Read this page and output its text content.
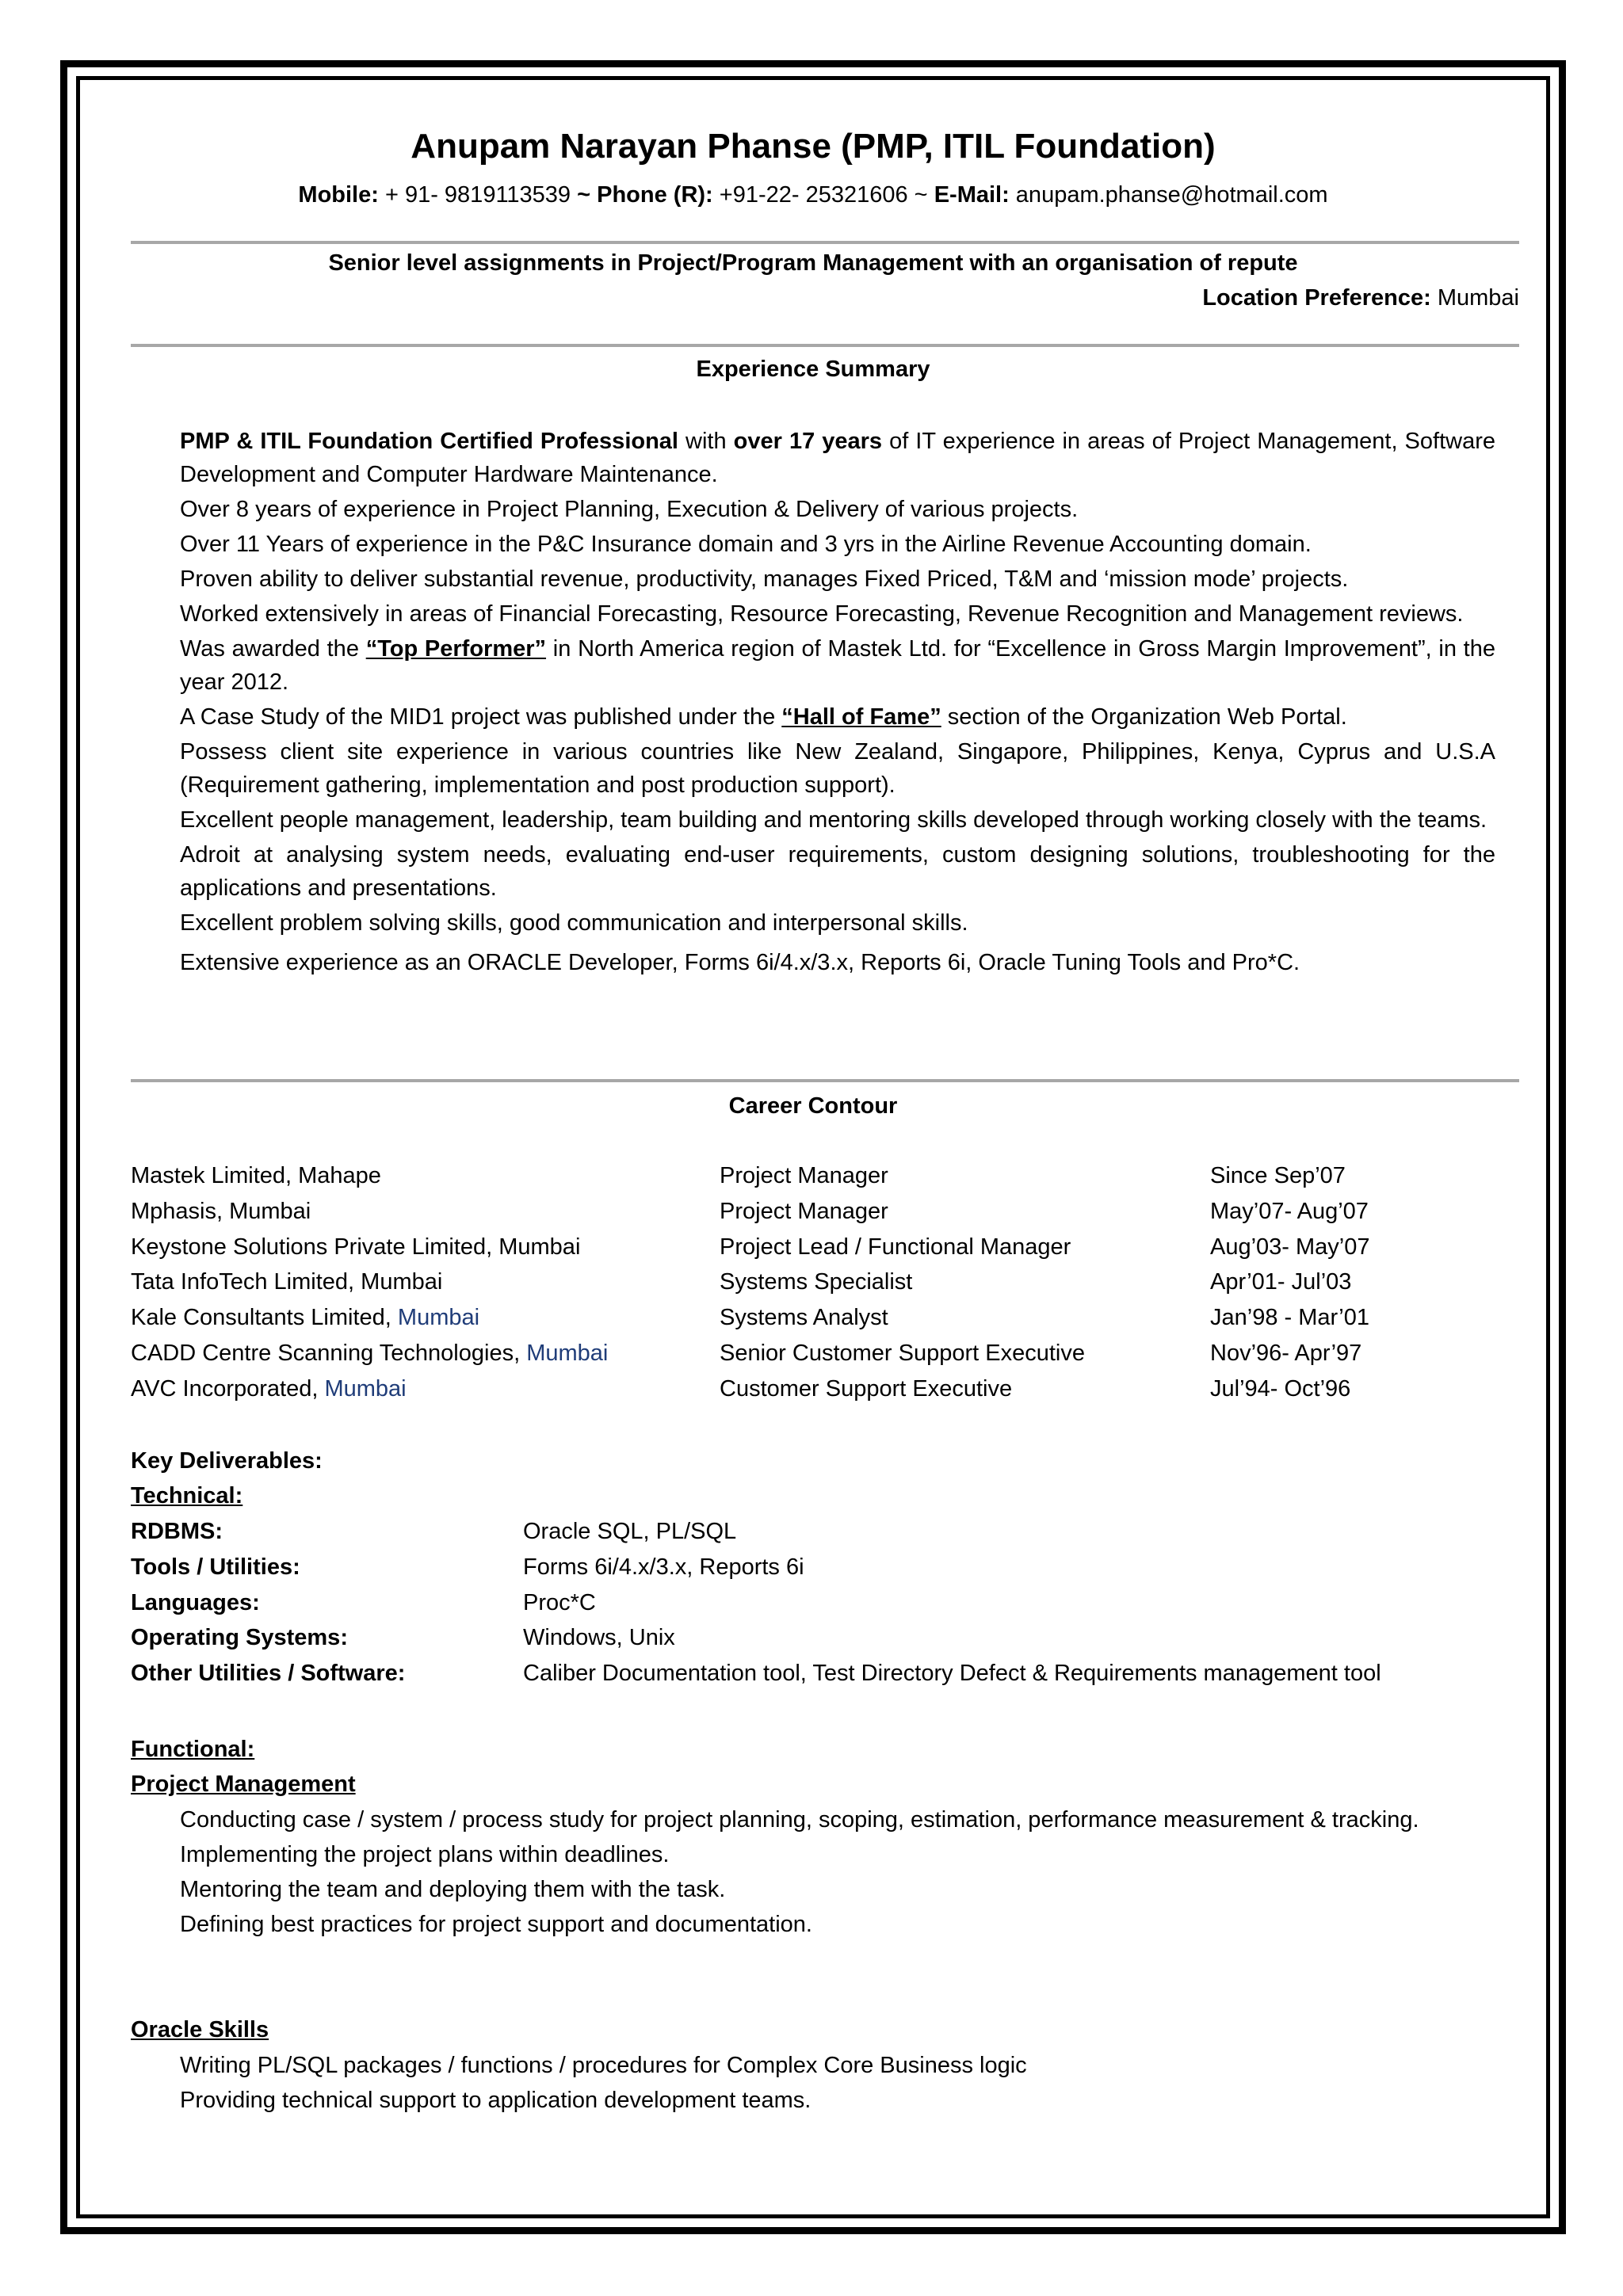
Anupam Narayan Phanse (PMP, ITIL Foundation)
Mobile: + 91- 9819113539 ~ Phone (R): +91-22- 25321606 ~ E-Mail: anupam.phanse@hotmail.com
Senior level assignments in Project/Program Management with an organisation of repute
Location Preference: Mumbai
Experience Summary
PMP & ITIL Foundation Certified Professional with over 17 years of IT experience in areas of Project Management, Software Development and Computer Hardware Maintenance.
Over 8 years of experience in Project Planning, Execution & Delivery of various projects.
Over 11 Years of experience in the P&C Insurance domain and 3 yrs in the Airline Revenue Accounting domain.
Proven ability to deliver substantial revenue, productivity, manages Fixed Priced, T&M and ‘mission mode’ projects.
Worked extensively in areas of Financial Forecasting, Resource Forecasting, Revenue Recognition and Management reviews.
Was awarded the “Top Performer” in North America region of Mastek Ltd. for “Excellence in Gross Margin Improvement”, in the year 2012.
A Case Study of the MID1 project was published under the “Hall of Fame” section of the Organization Web Portal.
Possess client site experience in various countries like New Zealand, Singapore, Philippines, Kenya, Cyprus and U.S.A (Requirement gathering, implementation and post production support).
Excellent people management, leadership, team building and mentoring skills developed through working closely with the teams.
Adroit at analysing system needs, evaluating end-user requirements, custom designing solutions, troubleshooting for the applications and presentations.
Excellent problem solving skills, good communication and interpersonal skills.
Extensive experience as an ORACLE Developer, Forms 6i/4.x/3.x, Reports 6i, Oracle Tuning Tools and Pro*C.
Career Contour
Mastek Limited, Mahape	Project Manager	Since Sep’07
Mphasis, Mumbai	Project Manager	May’07- Aug’07
Keystone Solutions Private Limited, Mumbai	Project Lead / Functional Manager	Aug’03- May’07
Tata InfoTech Limited, Mumbai	Systems Specialist	Apr’01- Jul’03
Kale Consultants Limited, Mumbai	Systems Analyst	Jan’98 - Mar’01
CADD Centre Scanning Technologies, Mumbai	Senior Customer Support Executive	Nov’96- Apr’97
AVC Incorporated, Mumbai	Customer Support Executive	Jul’94- Oct’96
Key Deliverables:
Technical:
RDBMS:	Oracle SQL, PL/SQL
Tools / Utilities:	Forms 6i/4.x/3.x, Reports 6i
Languages:	Proc*C
Operating Systems:	Windows, Unix
Other Utilities / Software:	Caliber Documentation tool, Test Directory Defect & Requirements management tool
Functional:
Project Management
Conducting case / system / process study for project planning, scoping, estimation, performance measurement & tracking.
Implementing the project plans within deadlines.
Mentoring the team and deploying them with the task.
Defining best practices for project support and documentation.
Oracle Skills
Writing PL/SQL packages / functions / procedures for Complex Core Business logic
Providing technical support to application development teams.
